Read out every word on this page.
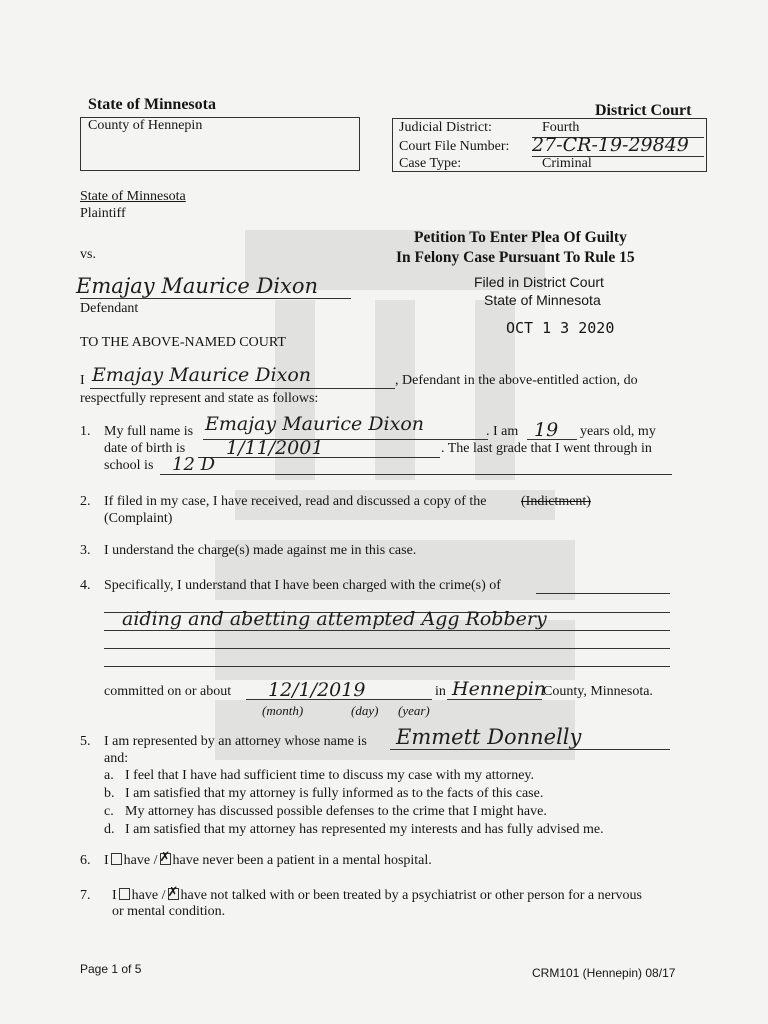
State of Minnesota	District Court
County of Hennepin	Judicial District:	Fourth
Court File Number: 27-CR-19-29849
Case Type:	Criminal
State of Minnesota
Plaintiff
vs.
Emajay Maurice Dixon
Defendant
Petition To Enter Plea Of Guilty
In Felony Case Pursuant To Rule 15
Filed in District Court
State of Minnesota
OCT 1 3 2020
TO THE ABOVE-NAMED COURT
I Emajay Maurice Dixon	, Defendant in the above-entitled action, do
respectfully represent and state as follows:
1. My full name is Emajay Maurice Dixon	. I am 19 years old, my
date of birth is 1/11/2001	. The last grade that I went through in
school is 12 D
2. If filed in my case, I have received, read and discussed a copy of the (Indictment)
(Complaint)
3. I understand the charge(s) made against me in this case.
4. Specifically, I understand that I have been charged with the crime(s) of
aiding and abetting attempted Agg Robbery
committed on or about 12/1/2019	in Hennepin
County, Minnesota.
(month)	(day) (year)
5. I am represented by an attorney whose name is Emmett Donnelly
and:
a. I feel that I have had sufficient time to discuss my case with my attorney.
b. I am satisfied that my attorney is fully informed as to the facts of this case.
c. My attorney has discussed possible defenses to the crime that I might have.
d. I am satisfied that my attorney has represented my interests and has fully advised me.
6. I have / ✗ have never been a patient in a mental hospital.
7. I have / ✗ have not talked with or been treated by a psychiatrist or other person for a nervous
or mental condition.
Page 1 of 5	CRM101 (Hennepin) 08/17
